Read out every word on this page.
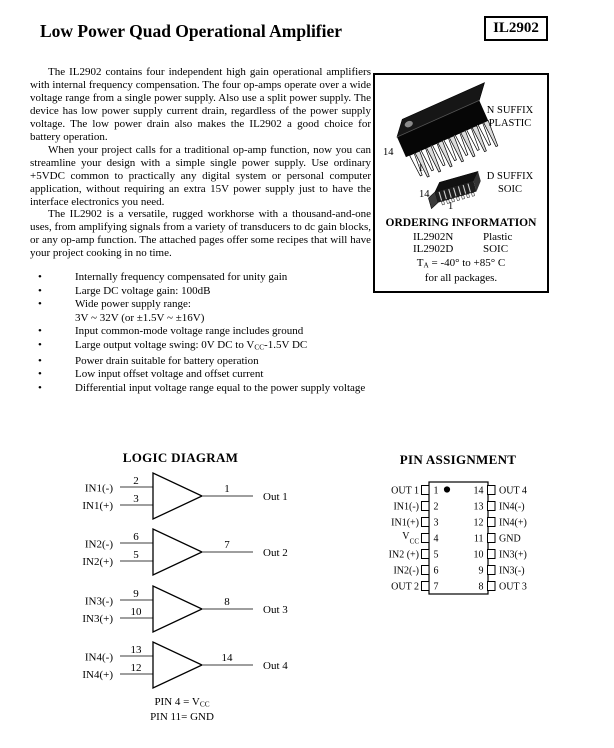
Low Power Quad Operational Amplifier	IL2902

The IL2902 contains four independent high gain operational amplifiers with internal frequency compensation. The four op-amps operate over a wide voltage range from a single power supply. Also use a split power supply. The device has low power supply current drain, regardless of the power supply voltage. The low power drain also makes the IL2902 a good choice for battery operation.

When your project calls for a traditional op-amp function, now you can streamline your design with a simple single power supply. Use ordinary +5VDC common to practically any digital system or personal computer application, without requiring an extra 15V power supply just to have the interface electronics you need.

The IL2902 is a versatile, rugged workhorse with a thousand-and-one uses, from amplifying signals from a variety of transducers to dc gain blocks, or any op-amp function. The attached pages offer some recipes that will have your project cooking in no time.

•	Internally frequency compensated for unity gain
•	Large DC voltage gain: 100dB
•	Wide power supply range:
3V ~ 32V (or ±1.5V ~ ±16V)
•	Input common-mode voltage range includes ground
•	Large output voltage swing: 0V DC to $V_{CC}-1.5V$ DC
•	Power drain suitable for battery operation
•	Low input offset voltage and offset current
•	Differential input voltage range equal to the power supply voltage
14
1
14
1
N SUFFIX
PLASTIC
D SUFFIX
SOIC
ORDERING INFORMATION
IL2902N	Plastic
IL2902D	SOIC
$T_A = -40^\circ$ to +85° C
for all packages.
LOGIC DIAGRAM	PIN ASSIGNMENT
IN1(-)
IN1(+)
2
3
1
Out 1
IN2(-)
IN2(+)
6
5
7
Out 2
IN3(-)
IN3(+)
9
10
8
Out 3
IN4(-)
IN4(+)
13
12
14
Out 4
PIN $4 = V_{CC}$
PIN 11= GND
OUT 1 1	14 OUT 4
IN1(-) 2	13 IN4(-)
IN1(+) 3	12 IN4(+)
V CC 4	11 GND
IN2 (+) 5	10 IN3(+)
IN2(-) 6	9 IN3(-)
OUT 2 7	8 OUT 3
